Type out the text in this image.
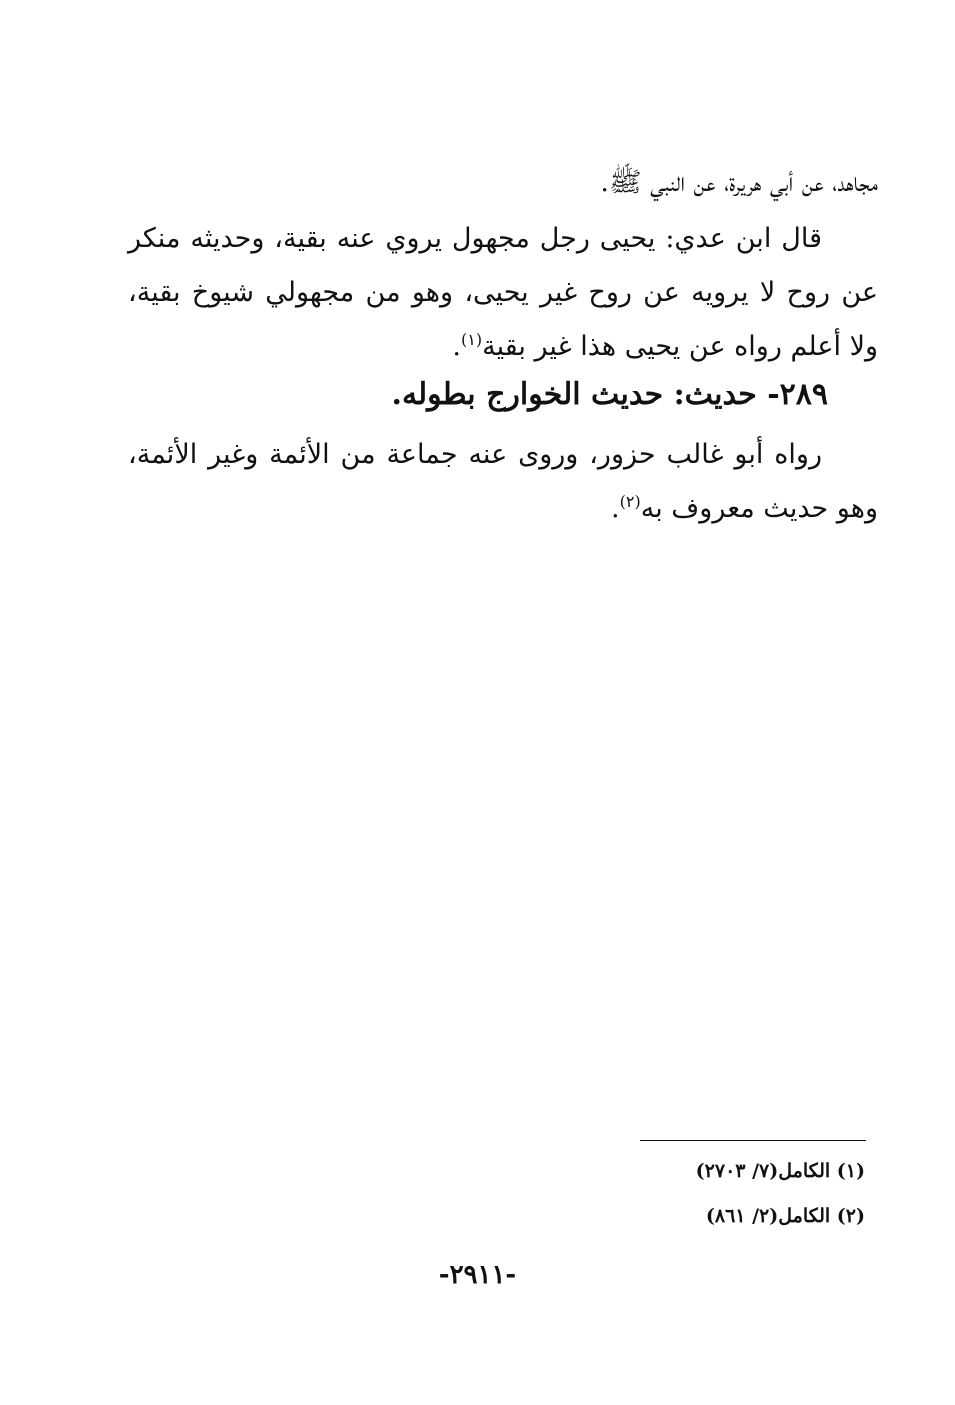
مجاهد، عن أبي هريرة، عن النبي ﷺ.
قال ابن عدي: يحيى رجل مجهول يروي عنه بقية، وحديثه منكر عن روح لا يرويه عن روح غير يحيى، وهو من مجهولي شيوخ بقية، ولا أعلم رواه عن يحيى هذا غير بقية$^{(١)}$.
٢٨٩- حديث: حديث الخوارج بطوله.
رواه أبو غالب حزور، وروى عنه جماعة من الأئمة وغير الأئمة، وهو حديث معروف به$^{(٢)}$.
(١) الكامل(٧/ ٢٧٠٣)
(٢) الكامل(٢/ ٨٦١)
-٢٩١١-
